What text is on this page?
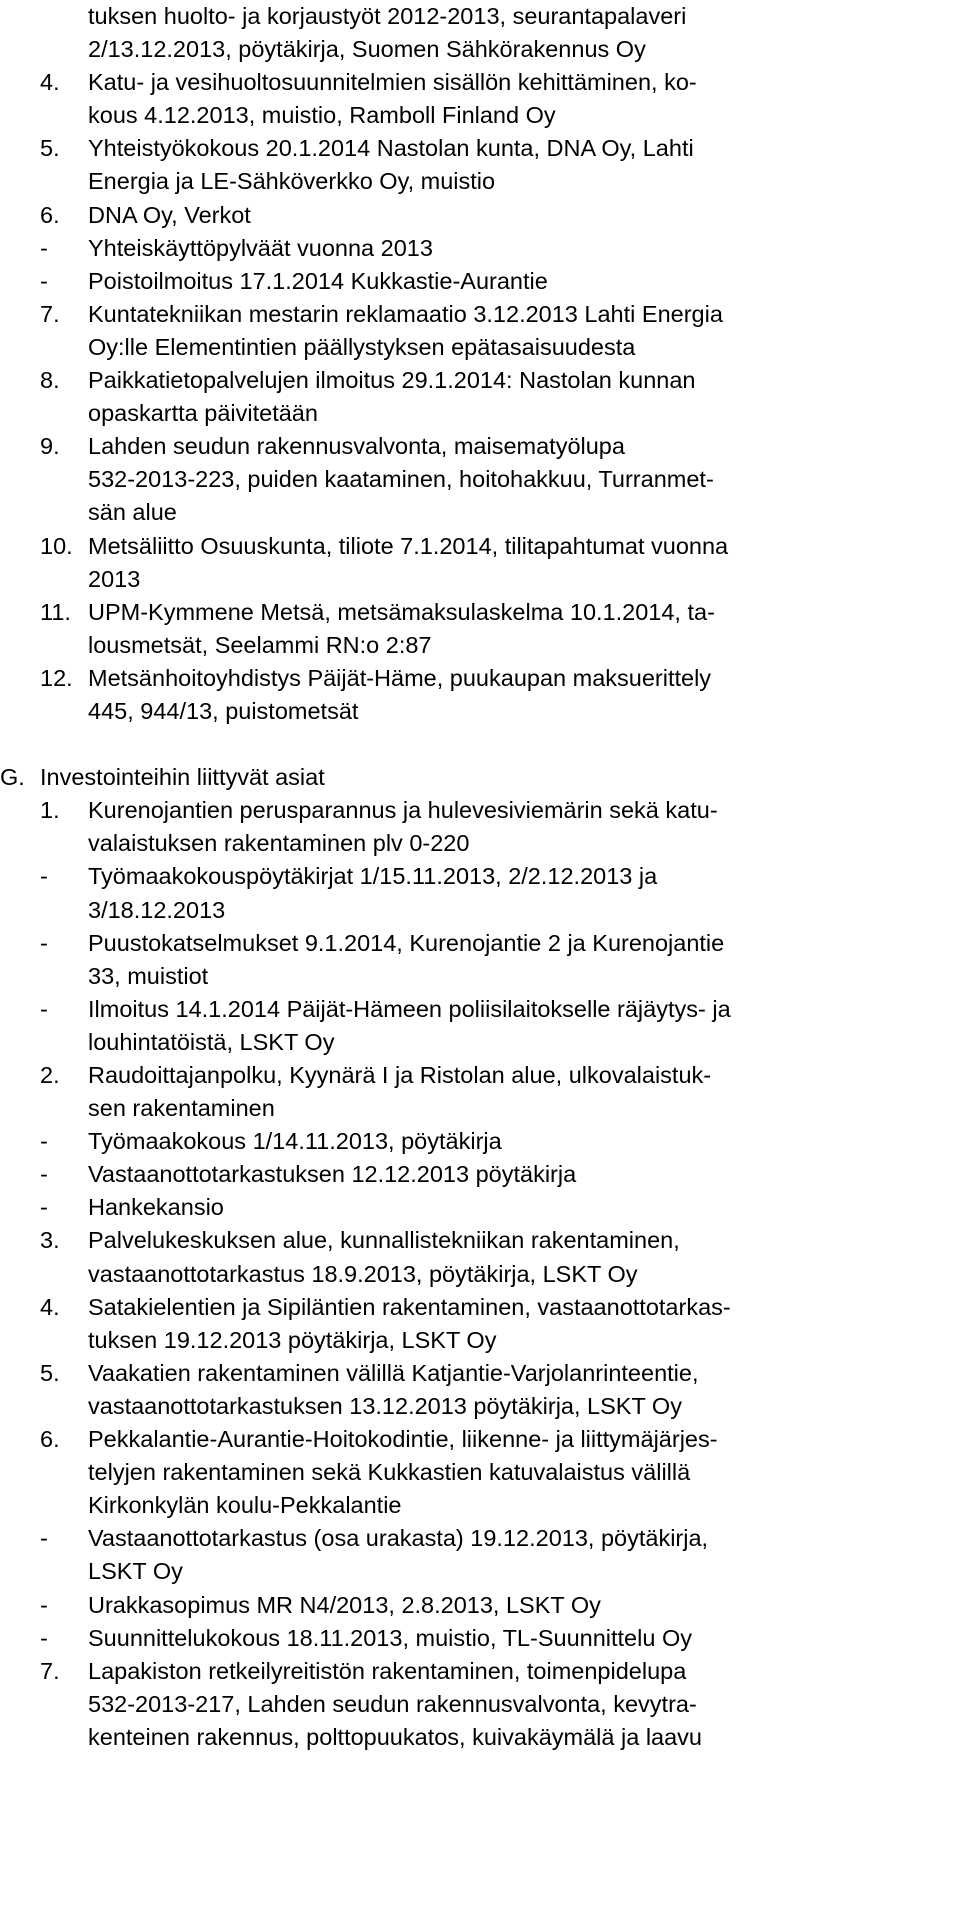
tuksen huolto- ja korjaustyöt 2012-2013, seurantapalaveri
2/13.12.2013, pöytäkirja, Suomen Sähkörakennus Oy
4. Katu- ja vesihuoltosuunnitelmien sisällön kehittäminen, ko-
kous 4.12.2013, muistio, Ramboll Finland Oy
5. Yhteistyökokous 20.1.2014 Nastolan kunta, DNA Oy, Lahti
Energia ja LE-Sähköverkko Oy, muistio
6. DNA Oy, Verkot
- Yhteiskäyttöpylväät vuonna 2013
- Poistoilmoitus 17.1.2014 Kukkastie-Aurantie
7. Kuntatekniikan mestarin reklamaatio 3.12.2013 Lahti Energia
Oy:lle Elementintien päällystyksen epätasaisuudesta
8. Paikkatietopalvelujen ilmoitus 29.1.2014: Nastolan kunnan
opaskartta päivitetään
9. Lahden seudun rakennusvalvonta, maisematyölupa
532-2013-223, puiden kaataminen, hoitohakkuu, Turranmet-
sän alue
10. Metsäliitto Osuuskunta, tiliote 7.1.2014, tilitapahtumat vuonna
2013
11. UPM-Kymmene Metsä, metsämaksulaskelma 10.1.2014, ta-
lousmetsät, Seelammi RN:o 2:87
12. Metsänhoitoyhdistys Päijät-Häme, puukaupan maksuerittely
445, 944/13, puistometsät
G. Investointeihin liittyvät asiat
1. Kurenojantien perusparannus ja hulevesiviemärin sekä katu-
valaistuksen rakentaminen plv 0-220
- Työmaakokouspöytäkirjat 1/15.11.2013, 2/2.12.2013 ja
3/18.12.2013
- Puustokatselmukset 9.1.2014, Kurenojantie 2 ja Kurenojantie
33, muistiot
- Ilmoitus 14.1.2014 Päijät-Hämeen poliisilaitokselle räjäytys- ja
louhintatöistä, LSKT Oy
2. Raudoittajanpolku, Kyynärä I ja Ristolan alue, ulkovalaistuk-
sen rakentaminen
- Työmaakokous 1/14.11.2013, pöytäkirja
- Vastaanottotarkastuksen 12.12.2013 pöytäkirja
- Hankekansio
3. Palvelukeskuksen alue, kunnallistekniikan rakentaminen,
vastaanottotarkastus 18.9.2013, pöytäkirja, LSKT Oy
4. Satakielentien ja Sipiläntien rakentaminen, vastaanottotarkas-
tuksen 19.12.2013 pöytäkirja, LSKT Oy
5. Vaakatien rakentaminen välillä Katjantie-Varjolanrinteentie,
vastaanottotarkastuksen 13.12.2013 pöytäkirja, LSKT Oy
6. Pekkalantie-Aurantie-Hoitokodintie, liikenne- ja liittymäjärjes-
telyjen rakentaminen sekä Kukkastien katuvalaistus välillä
Kirkonkylän koulu-Pekkalantie
- Vastaanottotarkastus (osa urakasta) 19.12.2013, pöytäkirja,
LSKT Oy
- Urakkasopimus MR N4/2013, 2.8.2013, LSKT Oy
- Suunnittelukokous 18.11.2013, muistio, TL-Suunnittelu Oy
7. Lapakiston retkeilyreitistön rakentaminen, toimenpidelupa
532-2013-217, Lahden seudun rakennusvalvonta, kevytra-
kenteinen rakennus, polttopuukatos, kuivakäymälä ja laavu
